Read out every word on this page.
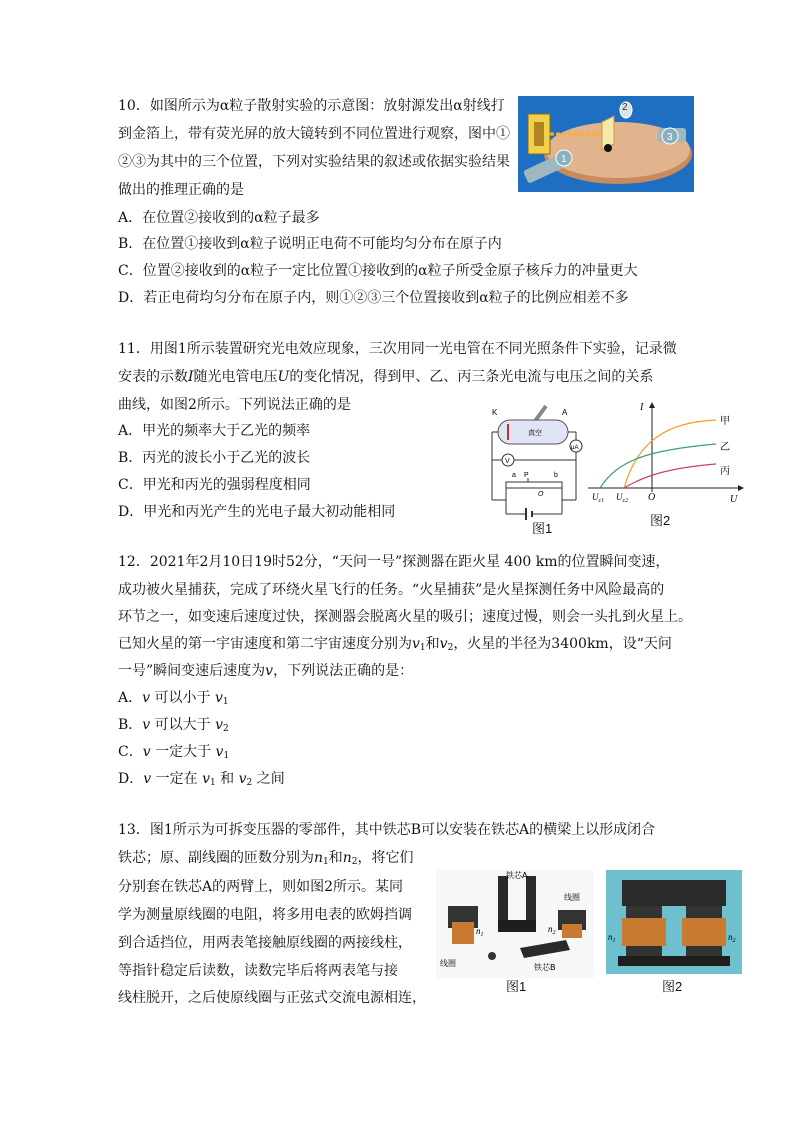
10．如图所示为α粒子散射实验的示意图：放射源发出α射线打
到金箔上，带有荧光屏的放大镜转到不同位置进行观察，图中①
②③为其中的三个位置，下列对实验结果的叙述或依据实验结果
做出的推理正确的是
A．在位置②接收到的α粒子最多
B．在位置①接收到α粒子说明正电荷不可能均匀分布在原子内
C．位置②接收到的α粒子一定比位置①接收到的α粒子所受金原子核斥力的冲量更大
D．若正电荷均匀分布在原子内，则①②③三个位置接收到α粒子的比例应相差不多
1
2
3
11．用图1所示装置研究光电效应现象，三次用同一光电管在不同光照条件下实验，记录微
安表的示数I随光电管电压U的变化情况，得到甲、乙、丙三条光电流与电压之间的关系
曲线，如图2所示。下列说法正确的是
A．甲光的频率大于乙光的频率
B．丙光的波长小于乙光的波长
C．甲光和丙光的强弱程度相同
D．甲光和丙光产生的光电子最大初动能相同
K	A
真空
μA
V
a P	b
O
图1
I
U
O
$U_{c1}$ $U_{c2}$
甲
乙
丙
图2
12．2021年2月10日19时52分，“天问一号”探测器在距火星 400 km的位置瞬间变速，
成功被火星捕获，完成了环绕火星飞行的任务。“火星捕获”是火星探测任务中风险最高的
环节之一，如变速后速度过快，探测器会脱离火星的吸引；速度过慢，则会一头扎到火星上。
已知火星的第一宇宙速度和第二宇宙速度分别为$v_1$和$v_2$，火星的半径为3400km，设“天问
一号”瞬间变速后速度为v，下列说法正确的是：
A．v 可以小于 $v_1$
B．v 可以大于 $v_2$
C．v 一定大于 $v_1$
D．v 一定在 $v_1$ 和 $v_2$ 之间
13．图1所示为可拆变压器的零部件，其中铁芯B可以安装在铁芯A的横梁上以形成闭合
铁芯；原、副线圈的匝数分别为$n_1$和$n_2$，将它们
分别套在铁芯A的两臂上，则如图2所示。某同
学为测量原线圈的电阻，将多用电表的欧姆挡调
到合适挡位，用两表笔接触原线圈的两接线柱，
等指针稳定后读数，读数完毕后将两表笔与接
线柱脱开，之后使原线圈与正弦式交流电源相连，
铁芯A
线圈
$n_1$
$n_2$
线圈	铁芯B
图1
$n_1$	$n_2$
图2
